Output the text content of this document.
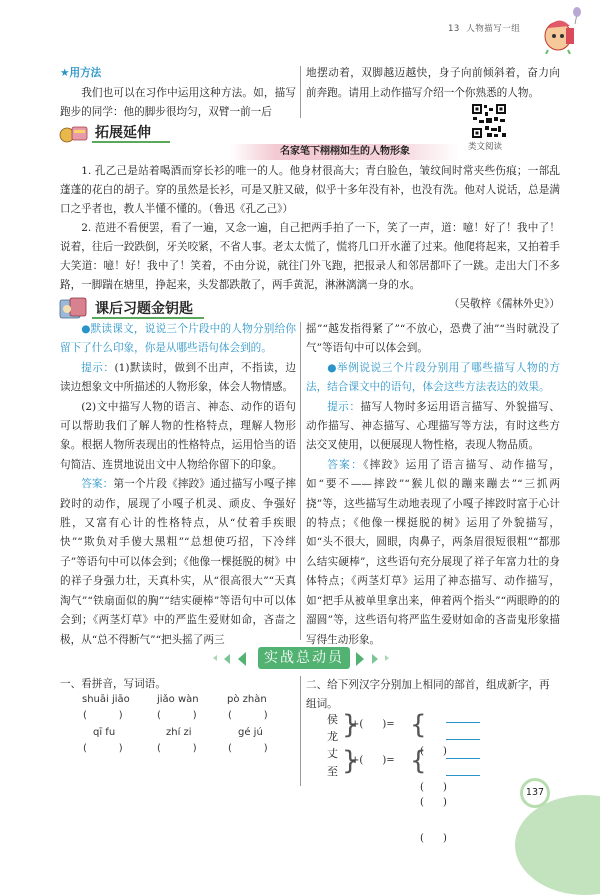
13 人物描写一组
★用方法

我们也可以在习作中运用这种方法。如，描写跑步的同学：他的脚步很均匀，双臂一前一后

地摆动着，双脚越迈越快，身子向前倾斜着，奋力向前奔跑。请用上动作描写介绍一个你熟悉的人物。

类文阅读
拓展延伸
名家笔下栩栩如生的人物形象

1. 孔乙己是站着喝酒而穿长衫的唯一的人。他身材很高大；青白脸色，皱纹间时常夹些伤痕；一部乱蓬蓬的花白的胡子。穿的虽然是长衫，可是又脏又破，似乎十多年没有补，也没有洗。他对人说话，总是满口之乎者也，教人半懂不懂的。（鲁迅《孔乙己》）

2. 范进不看便罢，看了一遍，又念一遍，自己把两手拍了一下，笑了一声，道：噫！好了！我中了！说着，往后一跤跌倒，牙关咬紧，不省人事。老太太慌了，慌将几口开水灌了过来。他爬将起来，又拍着手大笑道：噫！好！我中了！笑着，不由分说，就往门外飞跑，把报录人和邻居都吓了一跳。走出大门不多路，一脚踹在塘里，挣起来，头发都跌散了，两手黄泥，淋淋漓漓一身的水。

（吴敬梓《儒林外史》）
课后习题金钥匙

●默读课文，说说三个片段中的人物分别给你留下了什么印象，你是从哪些语句体会到的。

提示：(1)默读时，做到不出声，不指读，边读边想象文中所描述的人物形象，体会人物情感。

(2)文中描写人物的语言、神态、动作的语句可以帮助我们了解人物的性格特点，理解人物形象。根据人物所表现出的性格特点，运用恰当的语句简洁、连贯地说出文中人物给你留下的印象。

答案：第一个片段《摔跤》通过描写小嘎子摔跤时的动作，展现了小嘎子机灵、顽皮、争强好胜，又富有心计的性格特点，从“仗着手疾眼快”“欺负对手傻大黑粗”“总想使巧招，下冷绊子”等语句中可以体会到；《他像一棵挺脱的树》中的祥子身强力壮，天真朴实，从“很高很大”“天真淘气”“铁扇面似的胸”“结实硬棒”等语句中可以体会到；《两茎灯草》中的严监生爱财如命，吝啬之极，从“总不得断气”“把头摇了两三

摇”“越发指得紧了”“不放心，恐费了油”“当时就没了气”等语句中可以体会到。

●举例说说三个片段分别用了哪些描写人物的方法，结合课文中的语句，体会这些方法表达的效果。

提示：描写人物时多运用语言描写、外貌描写、动作描写、神态描写、心理描写等方法，有时这些方法交叉使用，以便展现人物性格，表现人物品质。

答案：《摔跤》运用了语言描写、动作描写，如“要不——摔跤”“猴儿似的蹦来蹦去”“三抓两挠”等，这些描写生动地表现了小嘎子摔跤时富于心计的特点；《他像一棵挺脱的树》运用了外貌描写，如“头不很大，圆眼，肉鼻子，两条眉很短很粗”“都那么结实硬棒”，这些语句充分展现了祥子年富力壮的身体特点；《两茎灯草》运用了神态描写、动作描写，如“把手从被单里拿出来，伸着两个指头”“两眼睁的的溜圆”等，这些语句将严监生爱财如命的吝啬鬼形象描写得生动形象。

实战总动员
一、看拼音，写词语。
shuāi jiāo
(          )
jiǎo wàn
(          )
pò zhàn
(          )
qī fu
(          )
zhí zi
(          )
gé jú
(          )
二、给下列汉字分别加上相同的部首，组成新字，再组词。
侯
龙 }
+(      )= {

(      )

(      )

丈
至 }
+(      )= {

(      )

(      )

137
